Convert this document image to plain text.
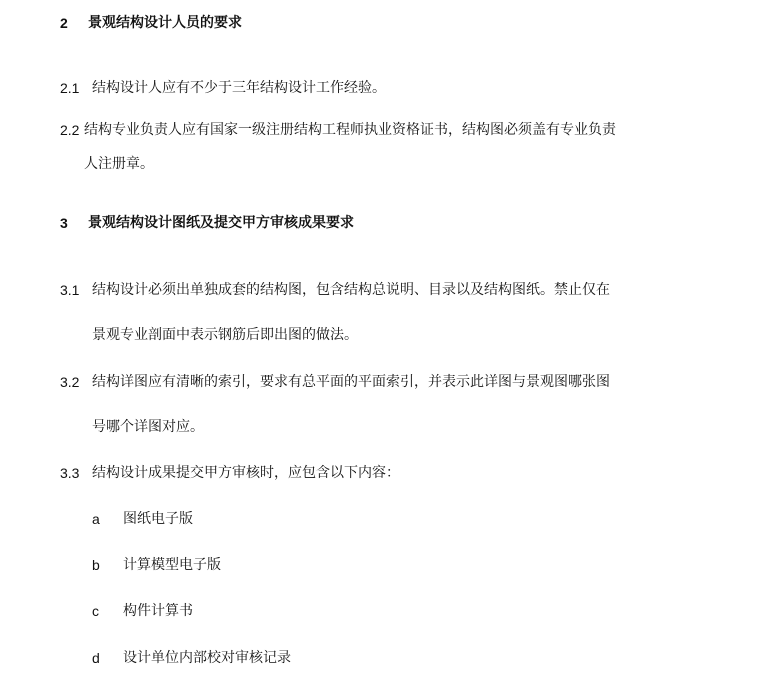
2 景观结构设计人员的要求
2.1 结构设计人应有不少于三年结构设计工作经验。
2.2 结构专业负责人应有国家一级注册结构工程师执业资格证书，结构图必须盖有专业负责
人注册章。
3 景观结构设计图纸及提交甲方审核成果要求
3.1 结构设计必须出单独成套的结构图，包含结构总说明、目录以及结构图纸。禁止仅在
景观专业剖面中表示钢筋后即出图的做法。
3.2 结构详图应有清晰的索引，要求有总平面的平面索引，并表示此详图与景观图哪张图
号哪个详图对应。
3.3 结构设计成果提交甲方审核时，应包含以下内容：
a 图纸电子版
b 计算模型电子版
c 构件计算书
d 设计单位内部校对审核记录
